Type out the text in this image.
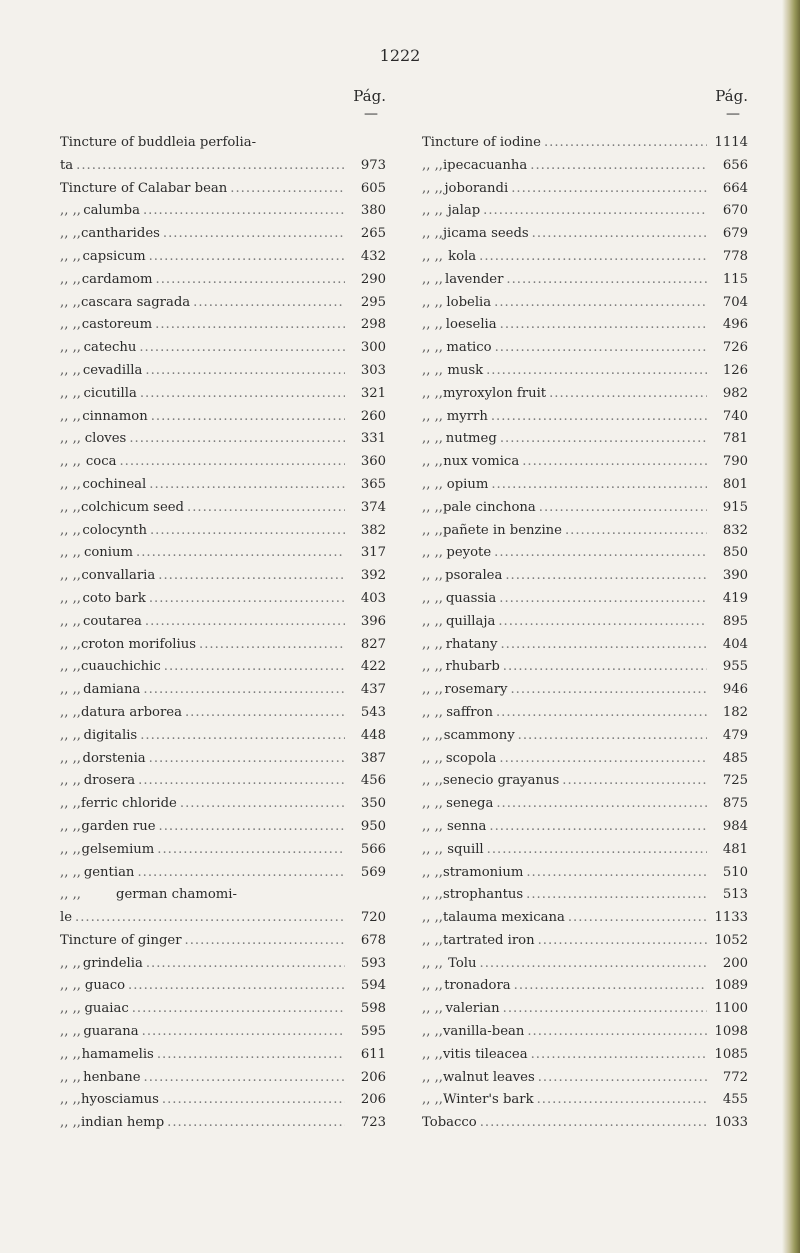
1222
Pág.
—
Tincture of buddleia perfolia-
ta .....	973
Tincture of Calabar bean .....	605
,, ,, calumba .....	380
,, ,, cantharides .....	265
,, ,, capsicum .....	432
,, ,, cardamom .....	290
,, ,, cascara sagrada .....	295
,, ,, castoreum .....	298
,, ,, catechu .....	300
,, ,, cevadilla .....	303
,, ,, cicutilla .....	321
,, ,, cinnamon .....	260
,, ,, cloves .....	331
,, ,, coca .....	360
,, ,, cochineal .....	365
,, ,, colchicum seed .....	374
,, ,, colocynth .....	382
,, ,, conium .....	317
,, ,, convallaria .....	392
,, ,, coto bark .....	403
,, ,, coutarea .....	396
,, ,, croton morifolius .....	827
,, ,, cuauchichic .....	422
,, ,, damiana .....	437
,, ,, datura arborea .....	543
,, ,, digitalis .....	448
,, ,, dorstenia .....	387
,, ,, drosera .....	456
,, ,, ferric chloride .....	350
,, ,, garden rue .....	950
,, ,, gelsemium .....	566
,, ,, gentian .....	569
,, ,,	german chamomi-
le .....	720
Tincture of ginger .....	678
,, ,, grindelia .....	593
,, ,, guaco .....	594
,, ,, guaiac .....	598
,, ,, guarana .....	595
,, ,, hamamelis .....	611
,, ,, henbane .....	206
,, ,, hyosciamus .....	206
,, ,, indian hemp .....	723
Pág.
—
Tincture of iodine .....	1114
,, ,, ipecacuanha .....	656
,, ,, joborandi .....	664
,, ,, jalap .....	670
,, ,, jicama seeds .....	679
,, ,, kola .....	778
,, ,, lavender .....	115
,, ,, lobelia .....	704
,, ,, loeselia .....	496
,, ,, matico .....	726
,, ,, musk .....	126
,, ,, myroxylon fruit .....	982
,, ,, myrrh .....	740
,, ,, nutmeg .....	781
,, ,, nux vomica .....	790
,, ,, opium .....	801
,, ,, pale cinchona .....	915
,, ,, pañete in benzine .....	832
,, ,, peyote .....	850
,, ,, psoralea .....	390
,, ,, quassia .....	419
,, ,, quillaja .....	895
,, ,, rhatany .....	404
,, ,, rhubarb .....	955
,, ,, rosemary .....	946
,, ,, saffron .....	182
,, ,, scammony .....	479
,, ,, scopola .....	485
,, ,, senecio grayanus .....	725
,, ,, senega .....	875
,, ,, senna .....	984
,, ,, squill .....	481
,, ,, stramonium .....	510
,, ,, strophantus .....	513
,, ,, talauma mexicana .....	1133
,, ,, tartrated iron .....	1052
,, ,, Tolu .....	200
,, ,, tronadora .....	1089
,, ,, valerian .....	1100
,, ,, vanilla-bean .....	1098
,, ,, vitis tileacea .....	1085
,, ,, walnut leaves .....	772
,, ,, Winter's bark .....	455
Tobacco .....	1033
